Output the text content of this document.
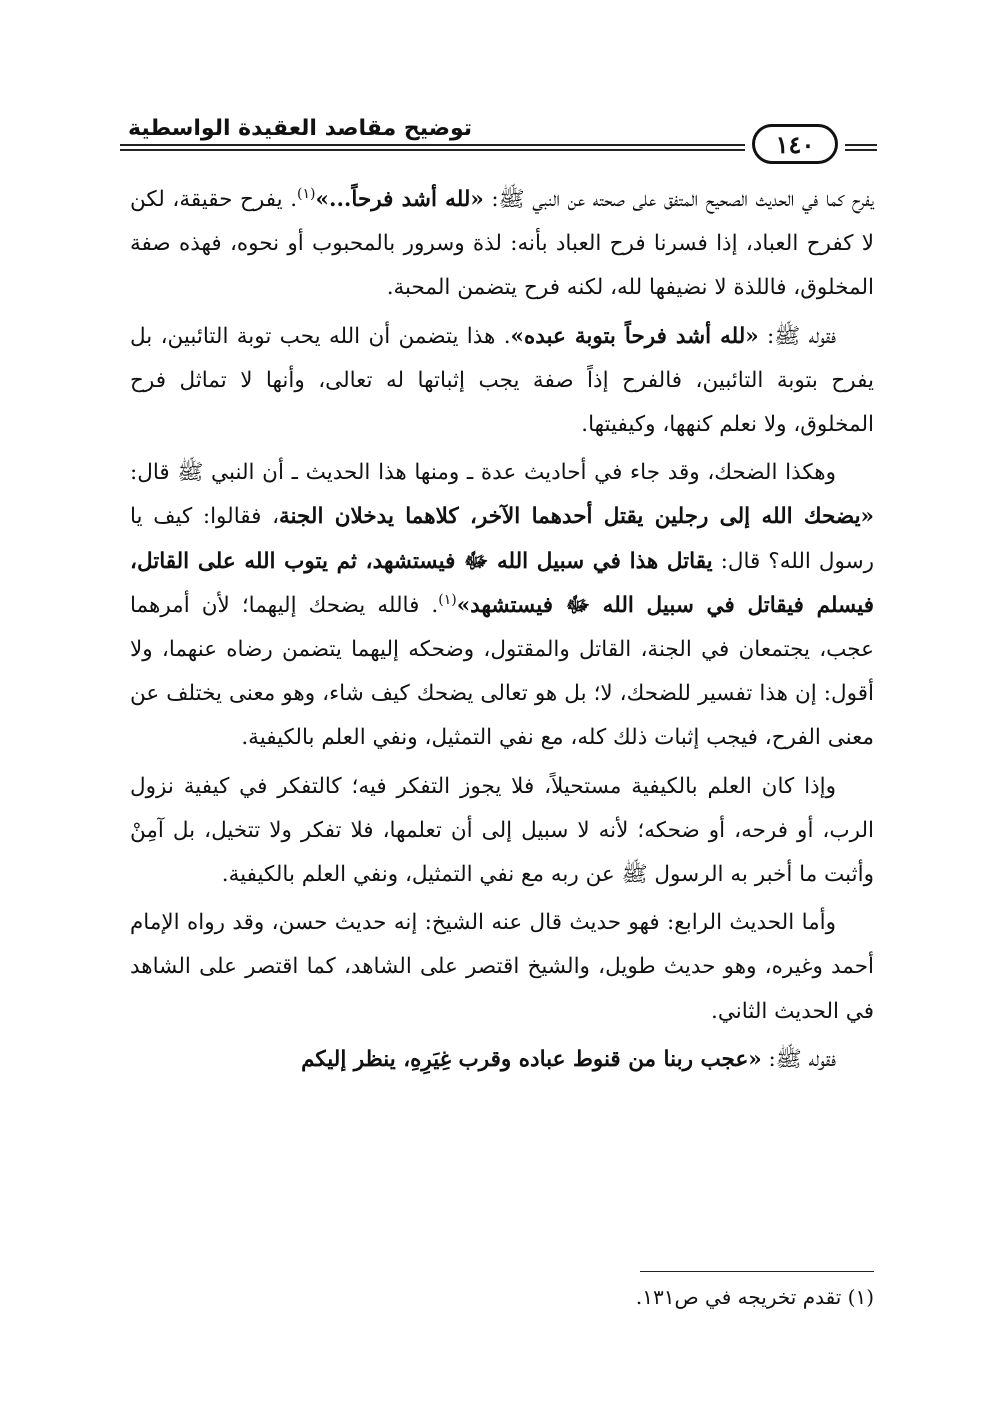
١٤٠
توضيح مقاصد العقيدة الواسطية

يفرح كما في الحديث الصحيح المتفق على صحته عن النبي ﷺ: «لله أشد فرحاً...»$^{(١)}$. يفرح حقيقة، لكن لا كفرح العباد، إذا فسرنا فرح العباد بأنه: لذة وسرور بالمحبوب أو نحوه، فهذه صفة المخلوق، فاللذة لا نضيفها لله، لكنه فرح يتضمن المحبة.

فقوله ﷺ: «لله أشد فرحاً بتوبة عبده». هذا يتضمن أن الله يحب توبة التائبين، بل يفرح بتوبة التائبين، فالفرح إذاً صفة يجب إثباتها له تعالى، وأنها لا تماثل فرح المخلوق، ولا نعلم كنهها، وكيفيتها.

وهكذا الضحك، وقد جاء في أحاديث عدة ـ ومنها هذا الحديث ـ أن النبي ﷺ قال: «يضحك الله إلى رجلين يقتل أحدهما الآخر، كلاهما يدخلان الجنة، فقالوا: كيف يا رسول الله؟ قال: يقاتل هذا في سبيل الله ﷻ فيستشهد، ثم يتوب الله على القاتل، فيسلم فيقاتل في سبيل الله ﷻ فيستشهد»$^{(١)}$. فالله يضحك إليهما؛ لأن أمرهما عجب، يجتمعان في الجنة، القاتل والمقتول، وضحكه إليهما يتضمن رضاه عنهما، ولا أقول: إن هذا تفسير للضحك، لا؛ بل هو تعالى يضحك كيف شاء، وهو معنى يختلف عن معنى الفرح، فيجب إثبات ذلك كله، مع نفي التمثيل، ونفي العلم بالكيفية.

وإذا كان العلم بالكيفية مستحيلاً، فلا يجوز التفكر فيه؛ كالتفكر في كيفية نزول الرب، أو فرحه، أو ضحكه؛ لأنه لا سبيل إلى أن تعلمها، فلا تفكر ولا تتخيل، بل آمِنْ وأثبت ما أخبر به الرسول ﷺ عن ربه مع نفي التمثيل، ونفي العلم بالكيفية.

وأما الحديث الرابع: فهو حديث قال عنه الشيخ: إنه حديث حسن، وقد رواه الإمام أحمد وغيره، وهو حديث طويل، والشيخ اقتصر على الشاهد، كما اقتصر على الشاهد في الحديث الثاني.

فقوله ﷺ: «عجب ربنا من قنوط عباده وقرب غِيَرِهِ، ينظر إليكم

(١) تقدم تخريجه في ص١٣١.
